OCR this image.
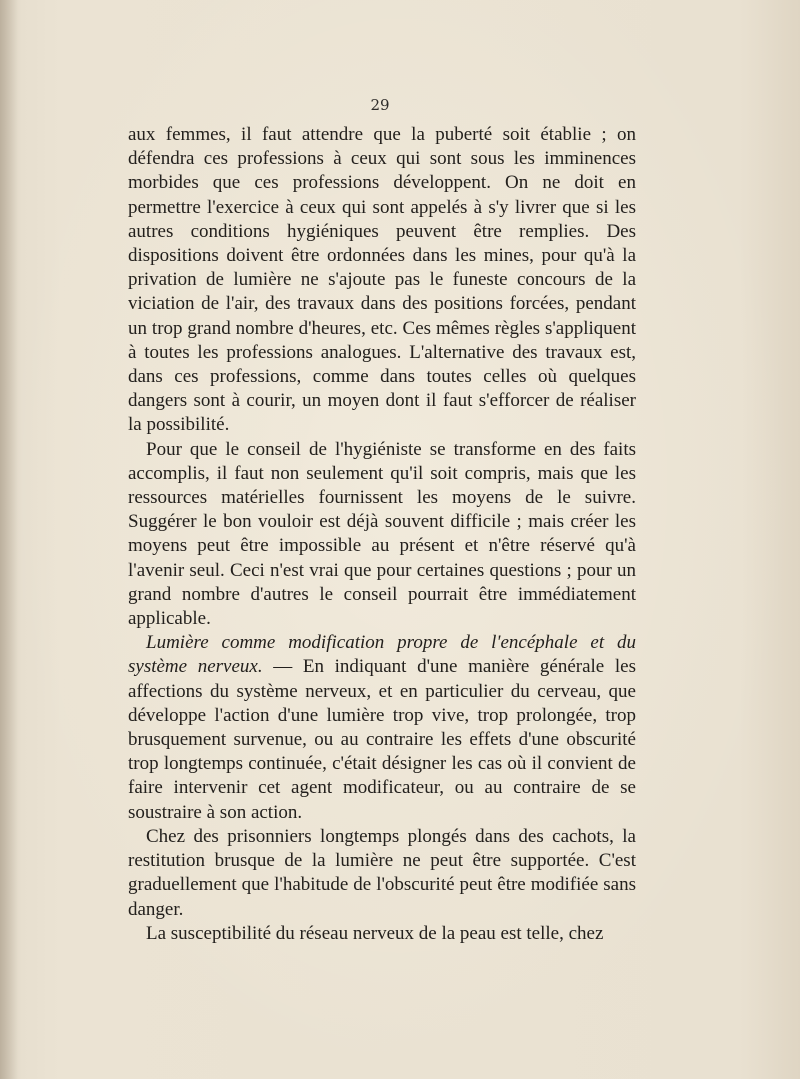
29

aux femmes, il faut attendre que la puberté soit établie ; on défendra ces professions à ceux qui sont sous les imminences morbides que ces professions développent. On ne doit en permettre l'exercice à ceux qui sont appelés à s'y livrer que si les autres conditions hygiéniques peuvent être remplies. Des dispositions doivent être ordonnées dans les mines, pour qu'à la privation de lumière ne s'ajoute pas le funeste concours de la viciation de l'air, des travaux dans des positions forcées, pendant un trop grand nombre d'heures, etc. Ces mêmes règles s'appliquent à toutes les professions analogues. L'alternative des travaux est, dans ces professions, comme dans toutes celles où quelques dangers sont à courir, un moyen dont il faut s'efforcer de réaliser la possibilité.

Pour que le conseil de l'hygiéniste se transforme en des faits accomplis, il faut non seulement qu'il soit compris, mais que les ressources matérielles fournissent les moyens de le suivre. Suggérer le bon vouloir est déjà souvent difficile ; mais créer les moyens peut être impossible au présent et n'être réservé qu'à l'avenir seul. Ceci n'est vrai que pour certaines questions ; pour un grand nombre d'autres le conseil pourrait être immédiatement applicable.

Lumière comme modification propre de l'encéphale et du système nerveux. — En indiquant d'une manière générale les affections du système nerveux, et en particulier du cerveau, que développe l'action d'une lumière trop vive, trop prolongée, trop brusquement survenue, ou au contraire les effets d'une obscurité trop longtemps continuée, c'était désigner les cas où il convient de faire intervenir cet agent modificateur, ou au contraire de se soustraire à son action.

Chez des prisonniers longtemps plongés dans des cachots, la restitution brusque de la lumière ne peut être supportée. C'est graduellement que l'habitude de l'obscurité peut être modifiée sans danger.

La susceptibilité du réseau nerveux de la peau est telle, chez
